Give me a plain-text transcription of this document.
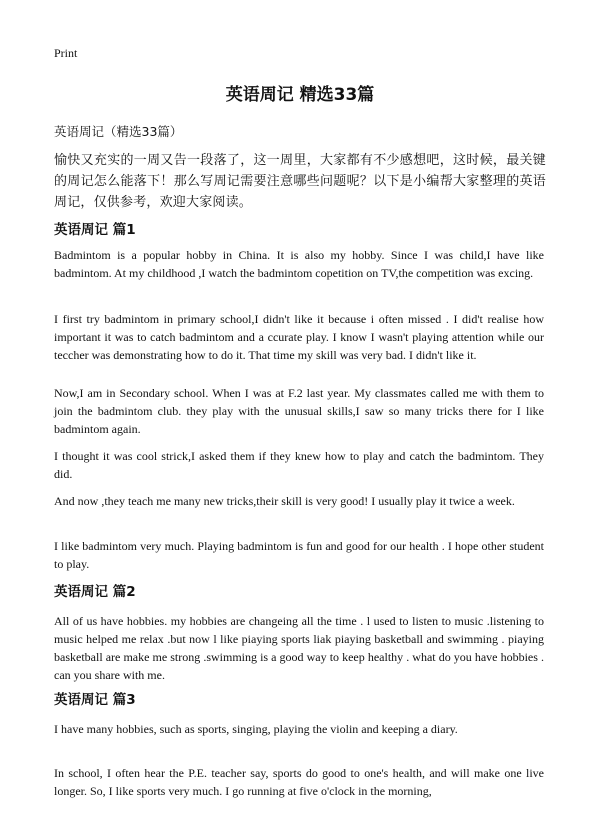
Print
英语周记 精选33篇
英语周记（精选33篇）
愉快又充实的一周又告一段落了，这一周里，大家都有不少感想吧，这时候，最关键的周记怎么能落下！那么写周记需要注意哪些问题呢？以下是小编帮大家整理的英语周记，仅供参考，欢迎大家阅读。
英语周记 篇1
Badmintom is a popular hobby in China. It is also my hobby. Since I was child,I have like badmintom. At my childhood ,I watch the badmintom copetition on TV,the competition was excing.
I first try badmintom in primary school,I didn't like it because i often missed . I did't realise how important it was to catch badmintom and a ccurate play. I know I wasn't playing attention while our teccher was demonstrating how to do it. That time my skill was very bad. I didn't like it.
Now,I am in Secondary school. When I was at F.2 last year. My classmates called me with them to join the badmintom club. they play with the unusual skills,I saw so many tricks there for I like badmintom again.
I thought it was cool strick,I asked them if they knew how to play and catch the badmintom. They did.
And now ,they teach me many new tricks,their skill is very good! I usually play it twice a week.
I like badmintom very much. Playing badmintom is fun and good for our health . I hope other student to play.
英语周记 篇2
All of us have hobbies. my hobbies are changeing all the time . l used to listen to music .listening to music helped me relax .but now l like piaying sports liak piaying basketball and swimming . piaying basketball are make me strong .swimming is a good way to keep healthy . what do you have hobbies . can you share with me.
英语周记 篇3
I have many hobbies, such as sports, singing, playing the violin and keeping a diary.
In school, I often hear the P.E. teacher say, sports do good to one's health, and will make one live longer. So, I like sports very much. I go running at five o'clock in the morning,
